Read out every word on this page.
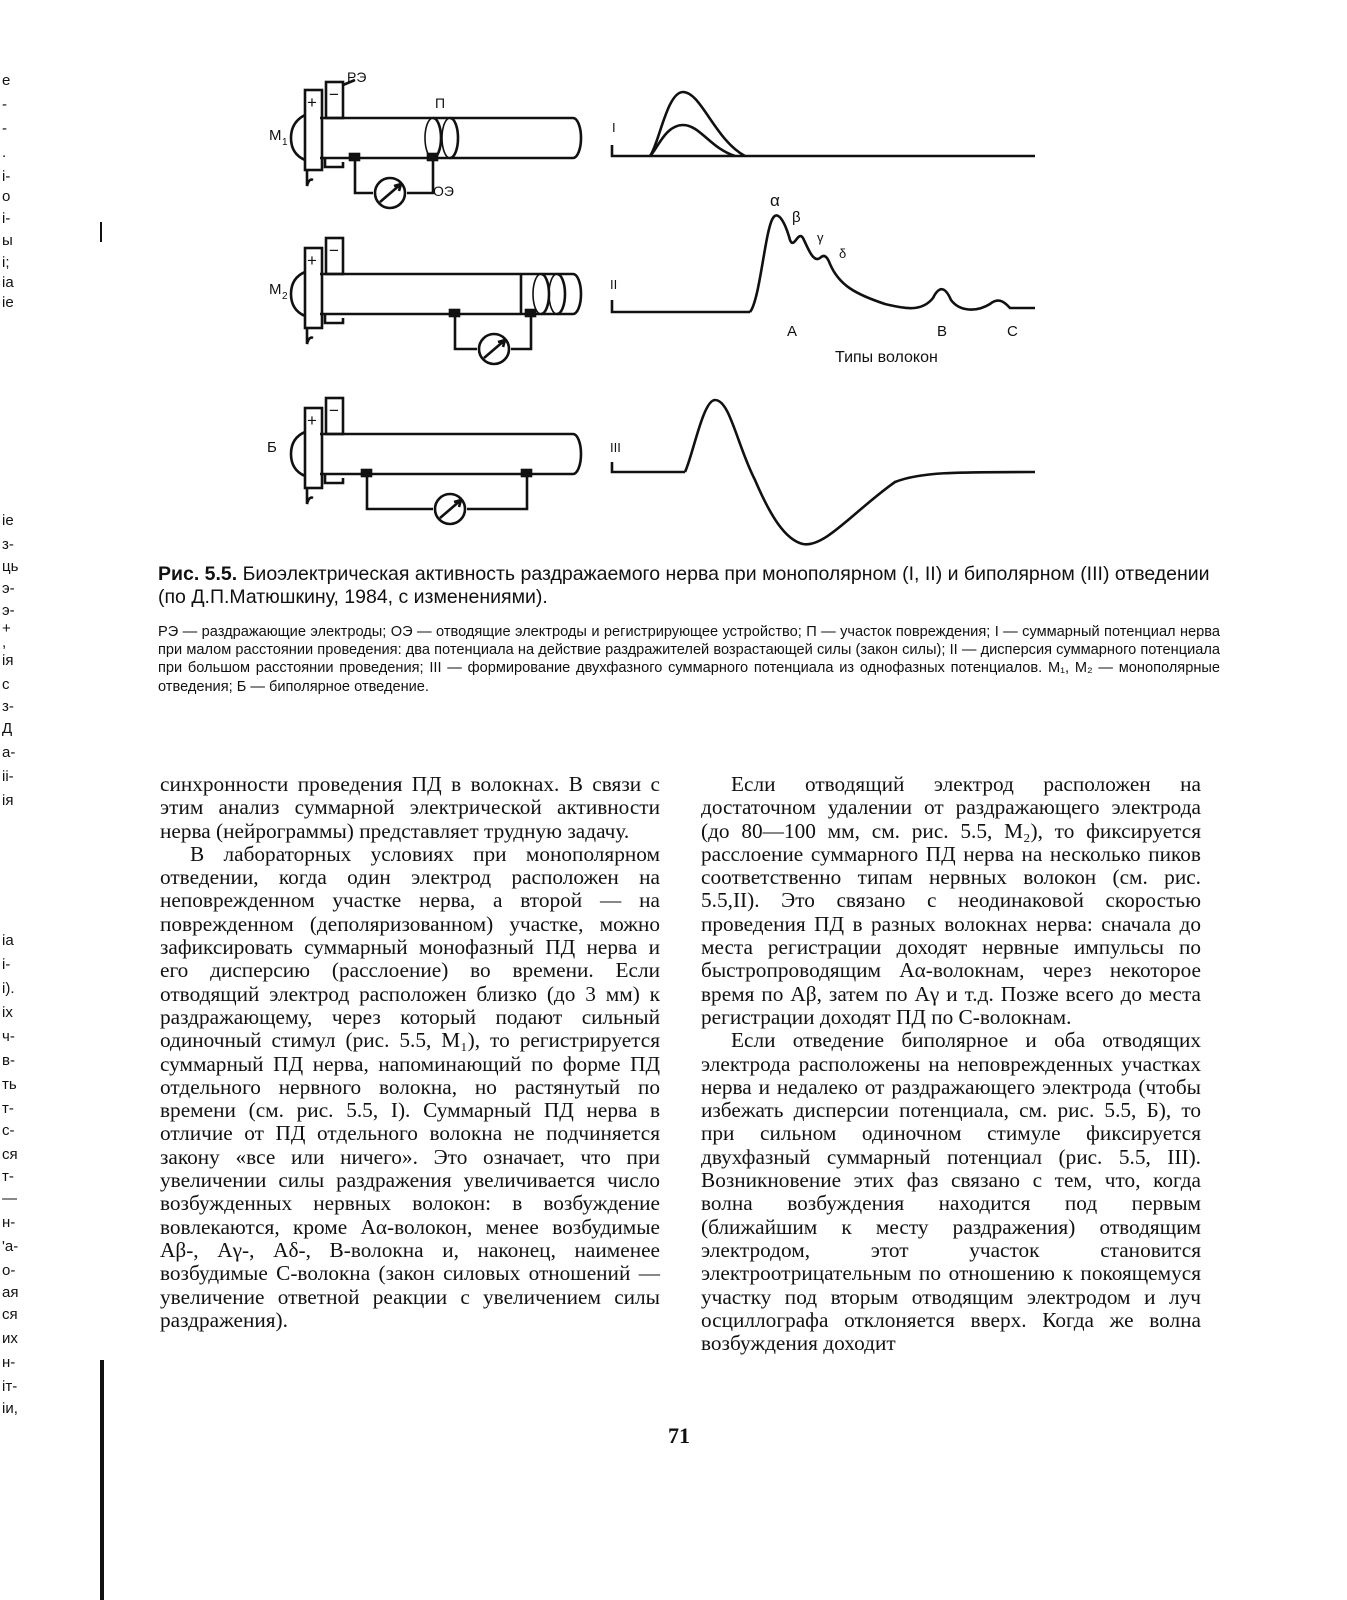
е
-
-
.
і-
о
і-
ы
і;
іа
іе
іе
з-
ць
э-
э-
+
,
ія
с
з-
Д
а-
іі-
ія
іа
і-
і).
іх
ч-
в-
ть
т-
с-
ся
т-
—
н-
'а-
о-
ая
ся
их
н-
іт-
іи,
РЭ
П
ОЭ
M 1
M 2
Б
+ −
+
−
+
−
I
II
III
α
β
γ
δ
A	B	C
Типы волокон
Рис. 5.5. Биоэлектрическая активность раздражаемого нерва при монополярном (I, II) и биполярном (III) отведении (по Д.П.Матюшкину, 1984, с изменениями).
РЭ — раздражающие электроды; ОЭ — отводящие электроды и регистрирующее устройство; П — участок повреждения; I — суммарный потенциал нерва при малом расстоянии проведения: два потенциала на действие раздражителей возрастающей силы (закон силы); II — дисперсия суммарного потенциала при большом расстоянии проведения; III — формирование двухфазного суммарного потенциала из однофазных потенциалов. M₁, M₂ — монополярные отведения; Б — биполярное отведение.

синхронности проведения ПД в волокнах. В связи с этим анализ суммарной электрической активности нерва (нейрограммы) представляет трудную задачу.

В лабораторных условиях при монополярном отведении, когда один электрод расположен на неповрежденном участке нерва, а второй — на поврежденном (деполяризованном) участке, можно зафиксировать суммарный монофазный ПД нерва и его дисперсию (расслоение) во времени. Если отводящий электрод расположен близко (до 3 мм) к раздражающему, через который подают сильный одиночный стимул (рис. 5.5, M₁), то регистрируется суммарный ПД нерва, напоминающий по форме ПД отдельного нервного волокна, но растянутый по времени (см. рис. 5.5, I). Суммарный ПД нерва в отличие от ПД отдельного волокна не подчиняется закону «все или ничего». Это означает, что при увеличении силы раздражения увеличивается число возбужденных нервных волокон: в возбуждение вовлекаются, кроме Aα-волокон, менее возбудимые Aβ-, Aγ-, Aδ-, B-волокна и, наконец, наименее возбудимые C-волокна (закон силовых отношений — увеличение ответной реакции с увеличением силы раздражения).

Если отводящий электрод расположен на достаточном удалении от раздражающего электрода (до 80—100 мм, см. рис. 5.5, M₂), то фиксируется расслоение суммарного ПД нерва на несколько пиков соответственно типам нервных волокон (см. рис. 5.5,II). Это связано с неодинаковой скоростью проведения ПД в разных волокнах нерва: сначала до места регистрации доходят нервные импульсы по быстропроводящим Aα-волокнам, через некоторое время по Aβ, затем по Aγ и т.д. Позже всего до места регистрации доходят ПД по C-волокнам.

Если отведение биполярное и оба отводящих электрода расположены на неповрежденных участках нерва и недалеко от раздражающего электрода (чтобы избежать дисперсии потенциала, см. рис. 5.5, Б), то при сильном одиночном стимуле фиксируется двухфазный суммарный потенциал (рис. 5.5, III). Возникновение этих фаз связано с тем, что, когда волна возбуждения находится под первым (ближайшим к месту раздражения) отводящим электродом, этот участок становится электроотрицательным по отношению к покоящемуся участку под вторым отводящим электродом и луч осциллографа отклоняется вверх. Когда же волна возбуждения доходит

71
